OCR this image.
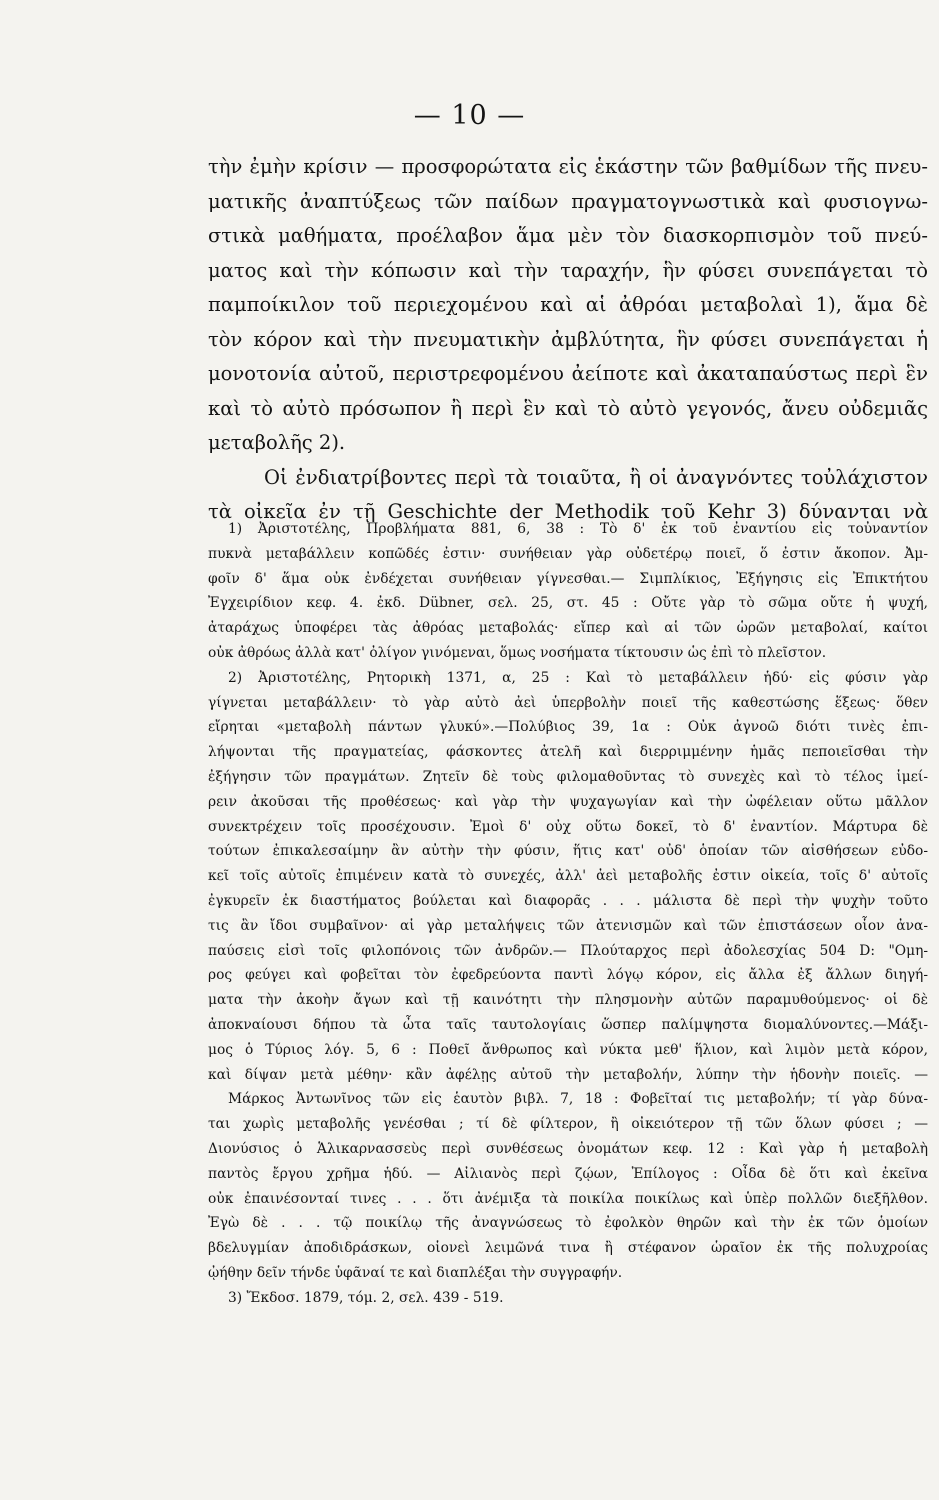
— 10 —
τὴν ἐμὴν κρίσιν — προσφορώτατα εἰς ἑκάστην τῶν βαθμίδων τῆς πνευ-
ματικῆς ἀναπτύξεως τῶν παίδων πραγματογνωστικὰ καὶ φυσιογνω-
στικὰ μαθήματα, προέλαβον ἅμα μὲν τὸν διασκορπισμὸν τοῦ πνεύ-
ματος καὶ τὴν κόπωσιν καὶ τὴν ταραχήν, ἣν φύσει συνεπάγεται τὸ
παμποίκιλον τοῦ περιεχομένου καὶ αἱ ἀθρόαι μεταβολαὶ 1), ἅμα δὲ
τὸν κόρον καὶ τὴν πνευματικὴν ἀμβλύτητα, ἣν φύσει συνεπάγεται ἡ
μονοτονία αὐτοῦ, περιστρεφομένου ἀείποτε καὶ ἀκαταπαύστως περὶ ἓν
καὶ τὸ αὐτὸ πρόσωπον ἢ περὶ ἓν καὶ τὸ αὐτὸ γεγονός, ἄνευ οὐδεμιᾶς
μεταβολῆς 2).
Οἱ ἐνδιατρίβοντες περὶ τὰ τοιαῦτα, ἢ οἱ ἀναγνόντες τοὐλάχιστον
τὰ οἰκεῖα ἐν τῇ Geschichte der Methodik τοῦ Kehr 3) δύνανται νὰ
1) Ἀριστοτέλης, Προβλήματα 881, 6, 38 : Τὸ δ' ἐκ τοῦ ἐναντίου εἰς τοὐναντίον
πυκνὰ μεταβάλλειν κοπῶδές ἐστιν· συνήθειαν γὰρ οὐδετέρῳ ποιεῖ, ὅ ἐστιν ἄκοπον. Ἀμ-
φοῖν δ' ἅμα οὐκ ἐνδέχεται συνήθειαν γίγνεσθαι.— Σιμπλίκιος, Ἐξήγησις εἰς Ἐπικτήτου
Ἐγχειρίδιον κεφ. 4. ἐκδ. Dübner, σελ. 25, στ. 45 : Οὔτε γὰρ τὸ σῶμα οὔτε ἡ ψυχή,
ἀταράχως ὑποφέρει τὰς ἀθρόας μεταβολάς· εἴπερ καὶ αἱ τῶν ὡρῶν μεταβολαί, καίτοι
οὐκ ἀθρόως ἀλλὰ κατ' ὀλίγον γινόμεναι, ὅμως νοσήματα τίκτουσιν ὡς ἐπὶ τὸ πλεῖστον.
2) Ἀριστοτέλης, Ρητορικὴ 1371, α, 25 : Καὶ τὸ μεταβάλλειν ἡδύ· εἰς φύσιν γὰρ
γίγνεται μεταβάλλειν· τὸ γὰρ αὐτὸ ἀεὶ ὑπερβολὴν ποιεῖ τῆς καθεστώσης ἕξεως· ὅθεν
εἴρηται «μεταβολὴ πάντων γλυκύ».—Πολύβιος 39, 1α : Οὐκ ἀγνοῶ διότι τινὲς ἐπι-
λήψονται τῆς πραγματείας, φάσκοντες ἀτελῆ καὶ διερριμμένην ἡμᾶς πεποιεῖσθαι τὴν
ἐξήγησιν τῶν πραγμάτων. Ζητεῖν δὲ τοὺς φιλομαθοῦντας τὸ συνεχὲς καὶ τὸ τέλος ἱμεί-
ρειν ἀκοῦσαι τῆς προθέσεως· καὶ γὰρ τὴν ψυχαγωγίαν καὶ τὴν ὠφέλειαν οὕτω μᾶλλον
συνεκτρέχειν τοῖς προσέχουσιν. Ἐμοὶ δ' οὐχ οὕτω δοκεῖ, τὸ δ' ἐναντίον. Μάρτυρα δὲ
τούτων ἐπικαλεσαίμην ἂν αὐτὴν τὴν φύσιν, ἥτις κατ' οὐδ' ὁποίαν τῶν αἰσθήσεων εὐδο-
κεῖ τοῖς αὐτοῖς ἐπιμένειν κατὰ τὸ συνεχές, ἀλλ' ἀεὶ μεταβολῆς ἐστιν οἰκεία, τοῖς δ' αὐτοῖς
ἐγκυρεῖν ἐκ διαστήματος βούλεται καὶ διαφορᾶς . . . μάλιστα δὲ περὶ τὴν ψυχὴν τοῦτο
τις ἂν ἴδοι συμβαῖνον· αἱ γὰρ μεταλήψεις τῶν ἀτενισμῶν καὶ τῶν ἐπιστάσεων οἷον ἀνα-
παύσεις εἰσὶ τοῖς φιλοπόνοις τῶν ἀνδρῶν.— Πλούταρχος περὶ ἀδολεσχίας 504 D: "Ομη-
ρος φεύγει καὶ φοβεῖται τὸν ἐφεδρεύοντα παντὶ λόγῳ κόρον, εἰς ἄλλα ἐξ ἄλλων διηγή-
ματα τὴν ἀκοὴν ἄγων καὶ τῇ καινότητι τὴν πλησμονὴν αὐτῶν παραμυθούμενος· οἱ δὲ
ἀποκναίουσι δήπου τὰ ὦτα ταῖς ταυτολογίαις ὥσπερ παλίμψηστα διομαλύνοντες.—Μάξι-
μος ὁ Τύριος λόγ. 5, 6 : Ποθεῖ ἄνθρωπος καὶ νύκτα μεθ' ἥλιον, καὶ λιμὸν μετὰ κόρον,
καὶ δίψαν μετὰ μέθην· κἂν ἀφέλῃς αὐτοῦ τὴν μεταβολήν, λύπην τὴν ἡδονὴν ποιεῖς. —
Μάρκος Ἀντωνῖνος τῶν εἰς ἑαυτὸν βιβλ. 7, 18 : Φοβεῖταί τις μεταβολήν; τί γὰρ δύνα-
ται χωρὶς μεταβολῆς γενέσθαι ; τί δὲ φίλτερον, ἢ οἰκειότερον τῇ τῶν ὅλων φύσει ; —
Διονύσιος ὁ Ἁλικαρνασσεὺς περὶ συνθέσεως ὀνομάτων κεφ. 12 : Καὶ γὰρ ἡ μεταβολὴ
παντὸς ἔργου χρῆμα ἡδύ. — Αἰλιανὸς περὶ ζῴων, Ἐπίλογος : Οἶδα δὲ ὅτι καὶ ἐκεῖνα
οὐκ ἐπαινέσονταί τινες . . . ὅτι ἀνέμιξα τὰ ποικίλα ποικίλως καὶ ὑπὲρ πολλῶν διεξῆλθον.
Ἐγὼ δὲ . . . τῷ ποικίλῳ τῆς ἀναγνώσεως τὸ ἐφολκὸν θηρῶν καὶ τὴν ἐκ τῶν ὁμοίων
βδελυγμίαν ἀποδιδράσκων, οἱονεὶ λειμῶνά τινα ἢ στέφανον ὡραῖον ἐκ τῆς πολυχροίας
ᾠήθην δεῖν τήνδε ὑφᾶναί τε καὶ διαπλέξαι τὴν συγγραφήν.
3) Ἔκδοσ. 1879, τόμ. 2, σελ. 439 - 519.
